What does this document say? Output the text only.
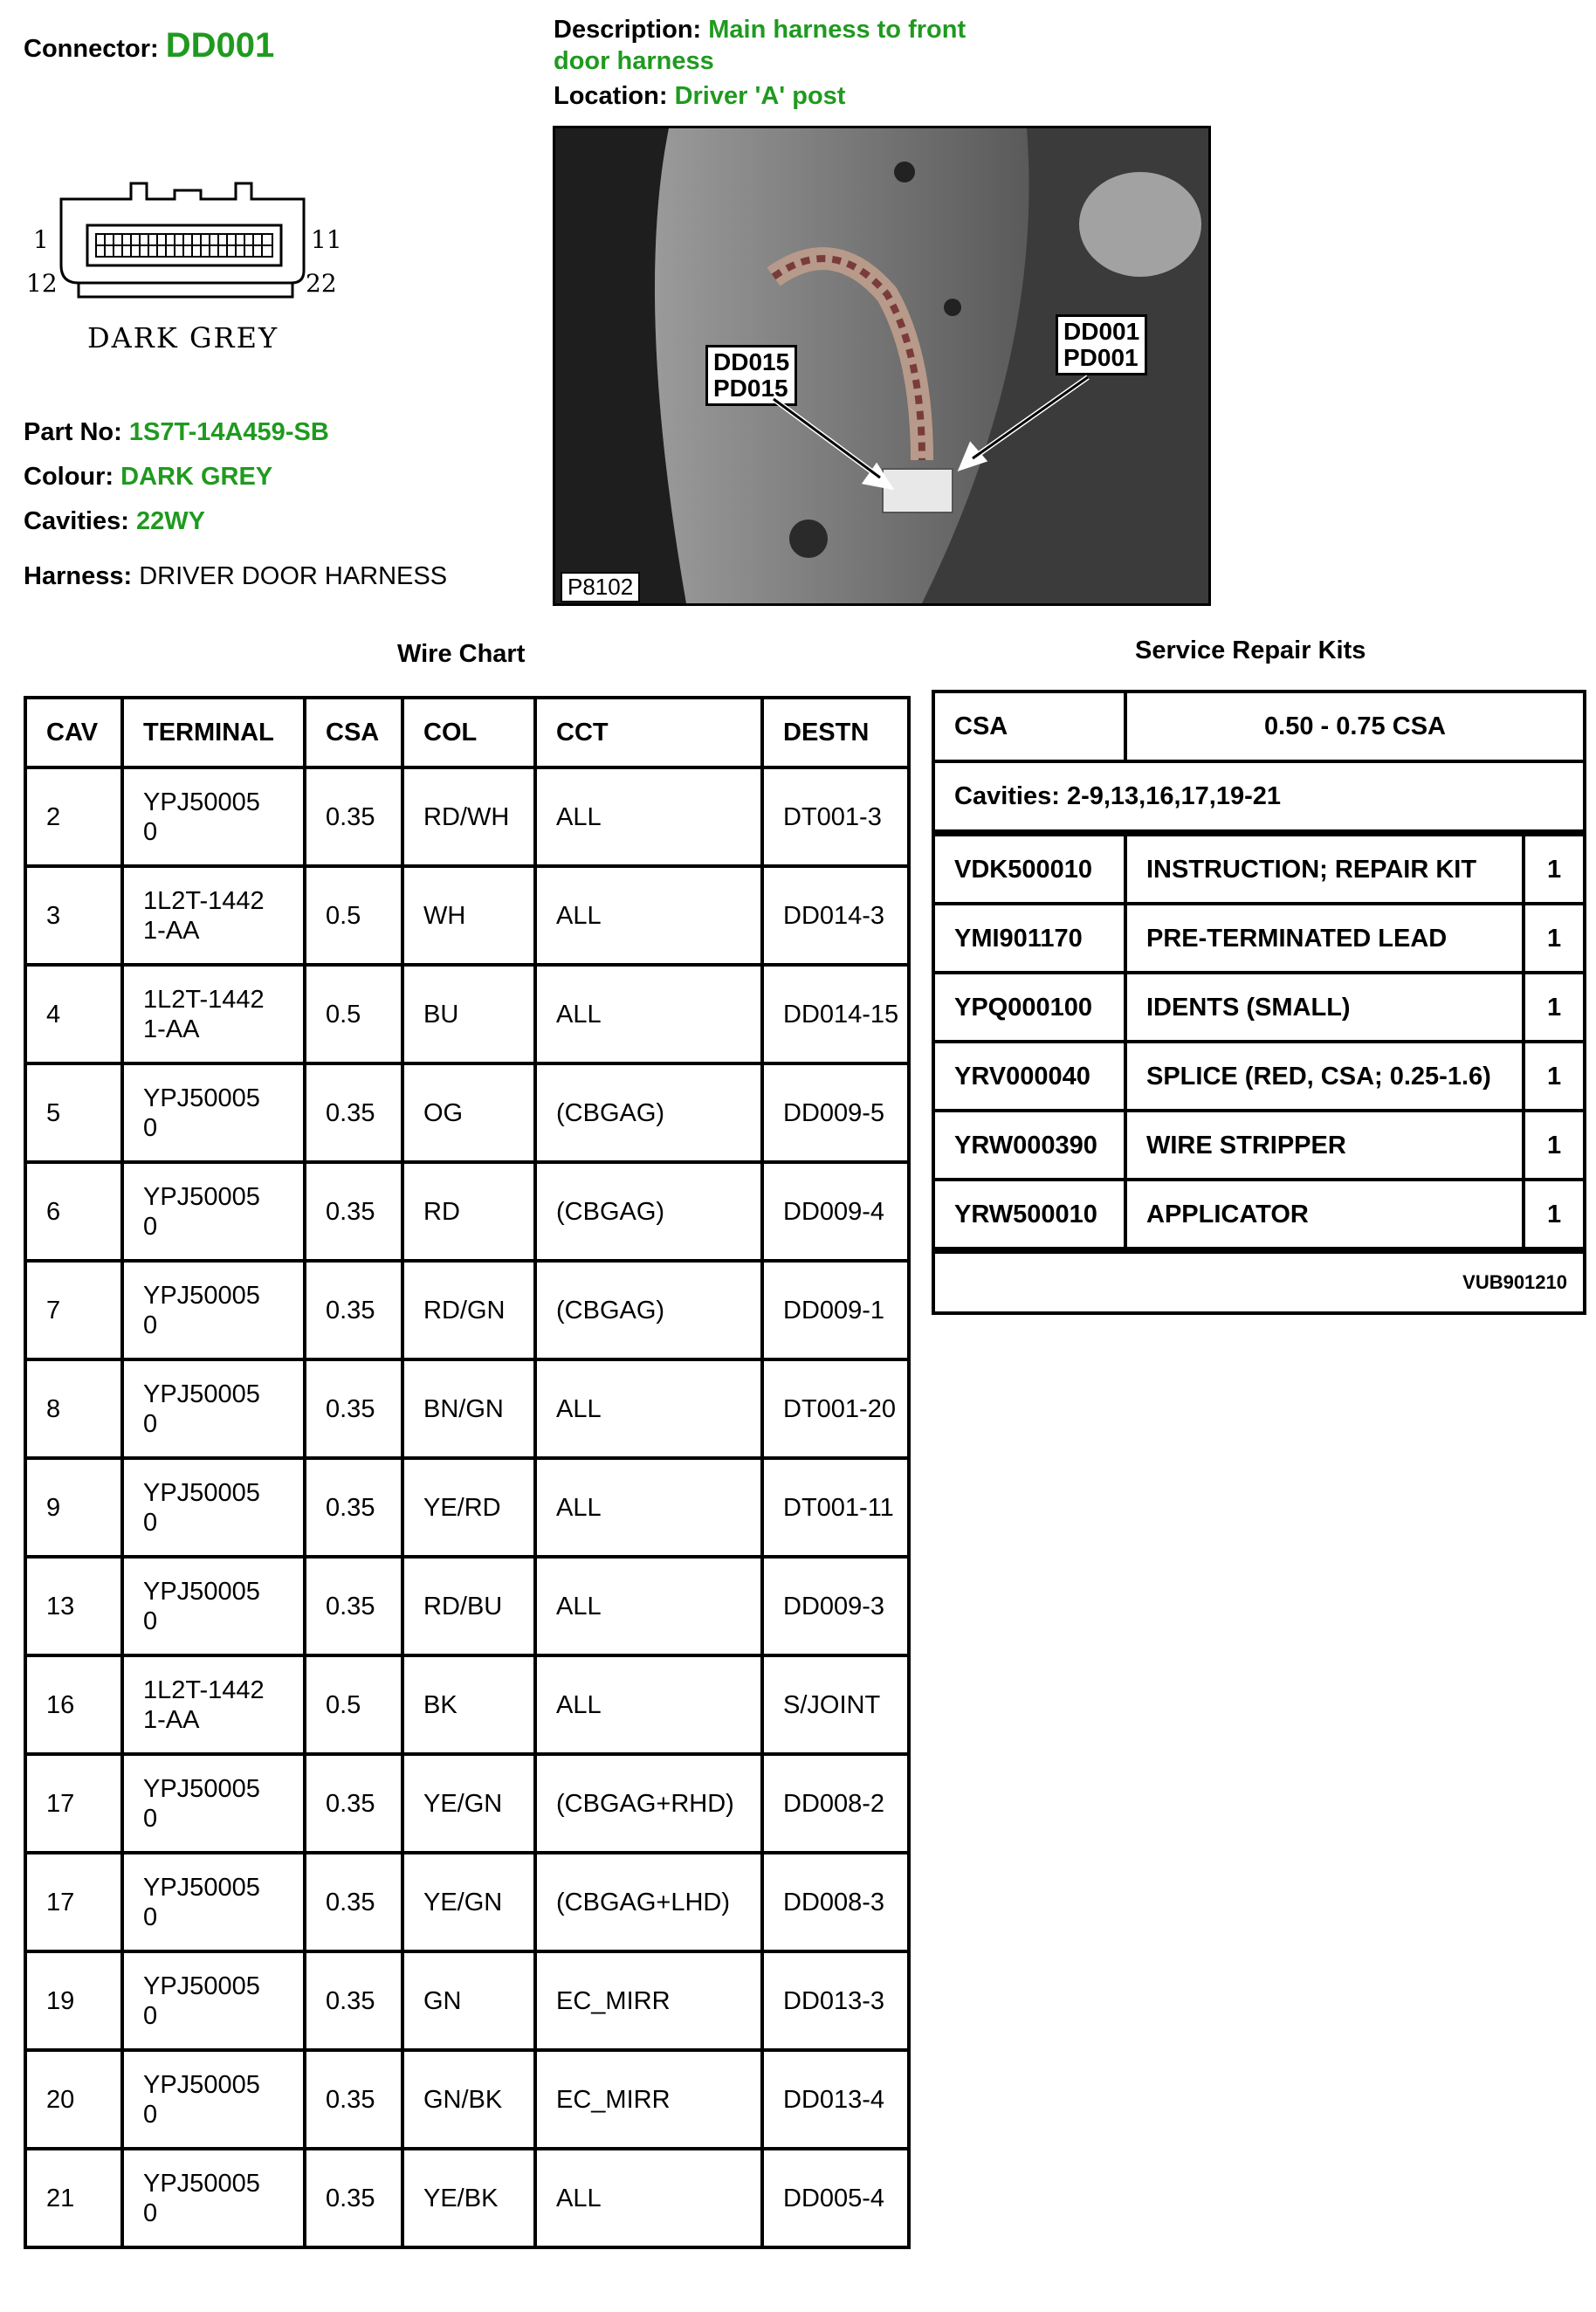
Connector: DD001	Description: Main harness to front
door harness
Location: Driver 'A' post
1	11
12	22
DARK GREY
Part No: 1S7T-14A459-SB
Colour: DARK GREY
Cavities: 22WY
Harness: DRIVER DOOR HARNESS
DD015
PD015
DD001
PD001
P8102
Wire Chart	Service Repair Kits
CAV	TERMINAL	CSA	COL	CCT	DESTN
2	YPJ500050	0.35	RD/WH	ALL	DT001-3
3	1L2T-14421-AA	0.5	WH	ALL	DD014-3
4	1L2T-14421-AA	0.5	BU	ALL	DD014-15
5	YPJ500050	0.35	OG	(CBGAG)	DD009-5
6	YPJ500050	0.35	RD	(CBGAG)	DD009-4
7	YPJ500050	0.35	RD/GN	(CBGAG)	DD009-1
8	YPJ500050	0.35	BN/GN	ALL	DT001-20
9	YPJ500050	0.35	YE/RD	ALL	DT001-11
13	YPJ500050	0.35	RD/BU	ALL	DD009-3
16	1L2T-14421-AA	0.5	BK	ALL	S/JOINT
17	YPJ500050	0.35	YE/GN	(CBGAG+RHD)	DD008-2
17	YPJ500050	0.35	YE/GN	(CBGAG+LHD)	DD008-3
19	YPJ500050	0.35	GN	EC_MIRR	DD013-3
20	YPJ500050	0.35	GN/BK	EC_MIRR	DD013-4
21	YPJ500050	0.35	YE/BK	ALL	DD005-4
CSA	0.50 - 0.75 CSA	
Cavities: 2-9,13,16,17,19-21		
VDK500010	INSTRUCTION; REPAIR KIT	1
YMI901170	PRE-TERMINATED LEAD	1
YPQ000100	IDENTS (SMALL)	1
YRV000040	SPLICE (RED, CSA; 0.25-1.6)	1
YRW000390	WIRE STRIPPER	1
YRW500010	APPLICATOR	1
VUB901210		
